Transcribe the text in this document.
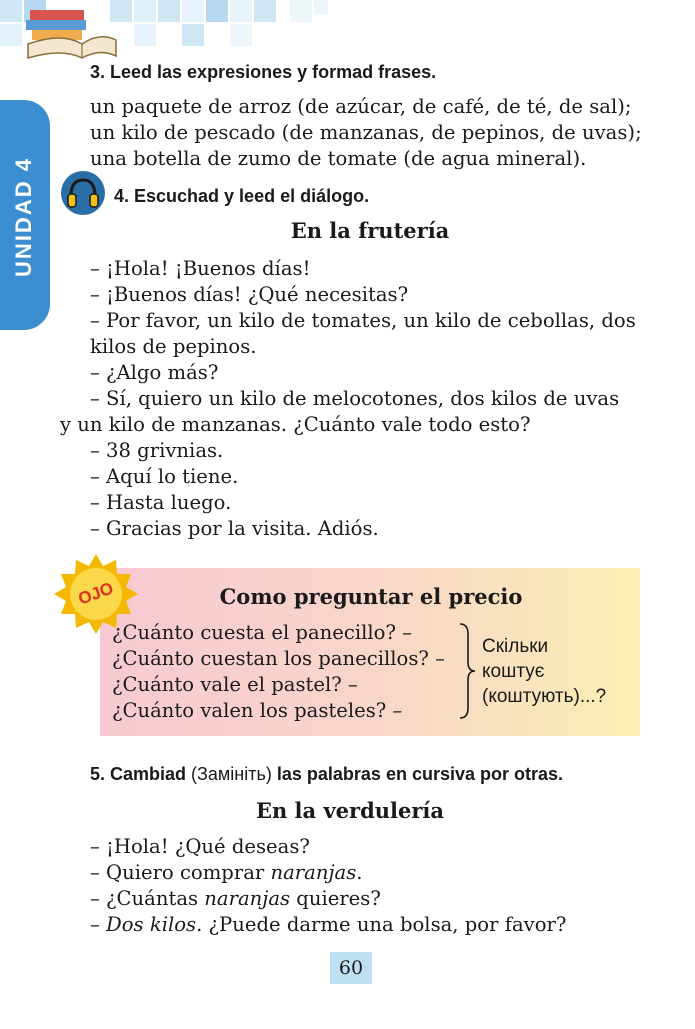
UNIDAD 4
3. Leed las expresiones y formad frases.
un paquete de arroz (de azúcar, de café, de té, de sal);
un kilo de pescado (de manzanas, de pepinos, de uvas);
una botella de zumo de tomate (de agua mineral).
4. Escuchad y leed el diálogo.
En la frutería
– ¡Hola! ¡Buenos días!
– ¡Buenos días! ¿Qué necesitas?
– Por favor, un kilo de tomates, un kilo de cebollas, dos
kilos de pepinos.
– ¿Algo más?
– Sí, quiero un kilo de melocotones, dos kilos de uvas
y un kilo de manzanas. ¿Cuánto vale todo esto?
– 38 grivnias.
– Aquí lo tiene.
– Hasta luego.
– Gracias por la visita. Adiós.
OJO	Como preguntar el precio
¿Cuánto cuesta el panecillo? –
¿Cuánto cuestan los panecillos? –
¿Cuánto vale el pastel? –
¿Cuánto valen los pasteles? –
Скільки
коштує
(коштують)...?
5. Cambiad (Замініть) las palabras en cursiva por otras.
En la verdulería
– ¡Hola! ¿Qué deseas?
– Quiero comprar naranjas.
– ¿Cuántas naranjas quieres?
– Dos kilos. ¿Puede darme una bolsa, por favor?
60
